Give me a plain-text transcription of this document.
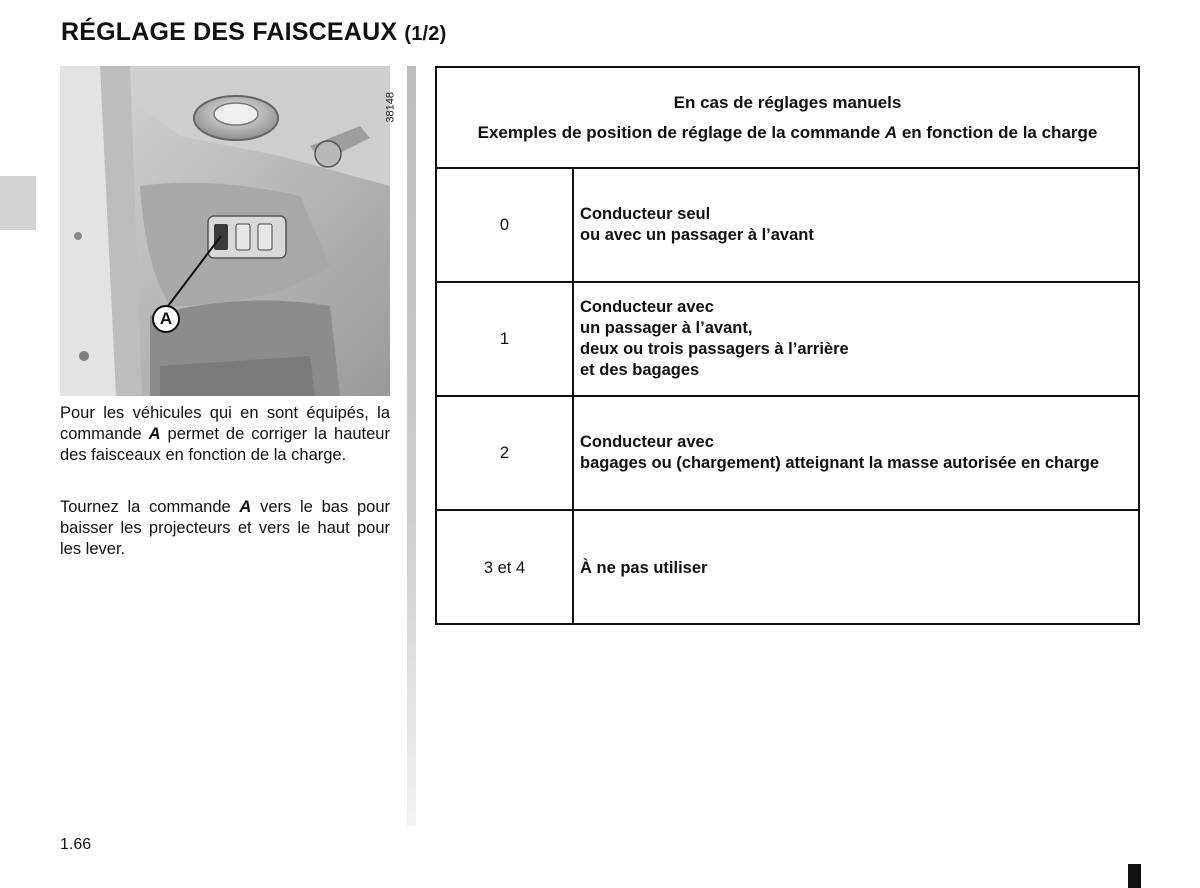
RÉGLAGE DES FAISCEAUX (1/2)
38148
A

Pour les véhicules qui en sont équipés, la commande A permet de corriger la hauteur des faisceaux en fonction de la charge.

Tournez la commande A vers le bas pour baisser les projecteurs et vers le haut pour les lever.

En cas de réglages manuels
Exemples de position de réglage de la commande A en fonction de la charge
0
Conducteur seul
ou avec un passager à l’avant
1
Conducteur avec
un passager à l’avant,
deux ou trois passagers à l’arrière
et des bagages
2
Conducteur avec
bagages ou (chargement) atteignant la masse autorisée en charge
3 et 4	À ne pas utiliser
1.66
